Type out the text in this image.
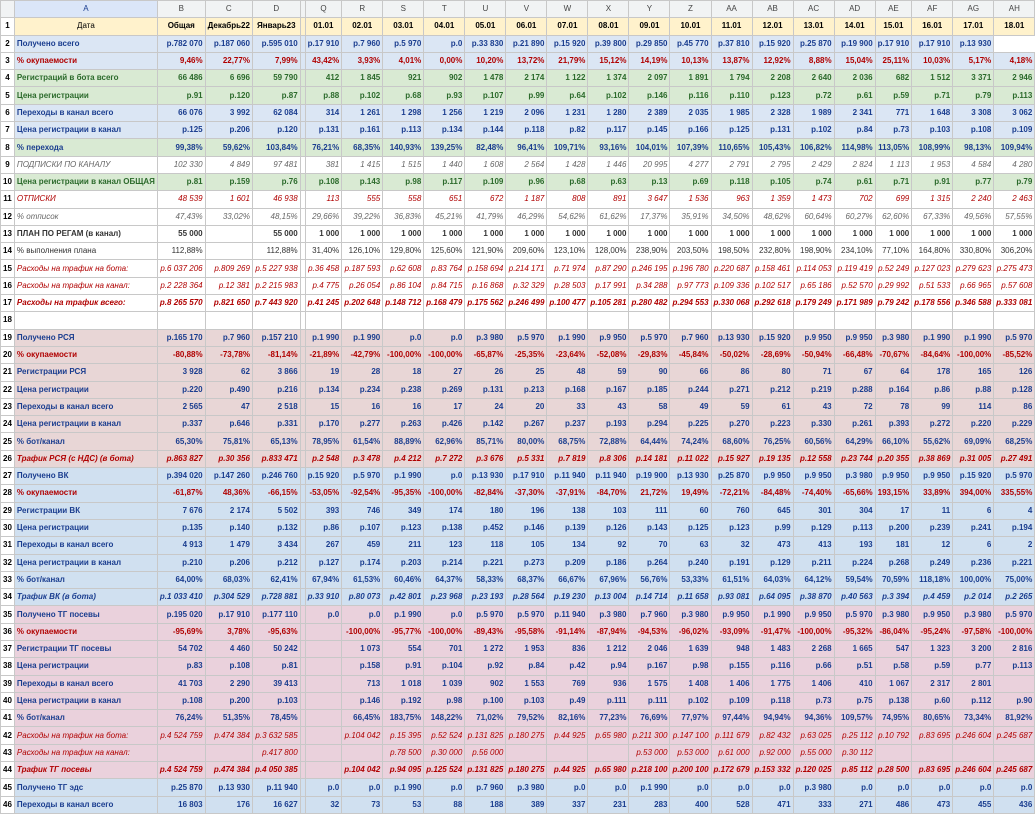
	A	B	C	D		Q	R	S	T	U	V	W	X	Y	Z	AA	AB	AC	AD	AE	AF	AG	AH
1	Дата	Общая	Декабрь22	Январь23		01.01	02.01	03.01	04.01	05.01	06.01	07.01	08.01	09.01	10.01	11.01	12.01	13.01	14.01	15.01	16.01	17.01	18.01
2	Получено всего	р.782 070	р.187 060	р.595 010		р.17 910	р.7 960	р.5 970	р.0	р.33 830	р.21 890	р.15 920	р.39 800	р.29 850	р.45 770	р.37 810	р.15 920	р.25 870	р.19 900	р.17 910	р.17 910	р.13 930	
3	% окупаемости	9,46%	22,77%	7,99%		43,42%	3,93%	4,01%	0,00%	10,20%	13,72%	21,79%	15,12%	14,19%	10,13%	13,87%	12,92%	8,88%	15,04%	25,11%	10,03%	5,17%	4,18%
4	Регистраций в бота всего	66 486	6 696	59 790		412	1 845	921	902	1 478	2 174	1 122	1 374	2 097	1 891	1 794	2 208	2 640	2 036	682	1 512	3 371	2 946
5	Цена регистрации	р.91	р.120	р.87		р.88	р.102	р.68	р.93	р.107	р.99	р.64	р.102	р.146	р.116	р.110	р.123	р.72	р.61	р.59	р.71	р.79	р.113
6	Переходы в канал всего	66 076	3 992	62 084		314	1 261	1 298	1 256	1 219	2 096	1 231	1 280	2 389	2 035	1 985	2 328	1 989	2 341	771	1 648	3 308	3 062
7	Цена регистрации в канал	р.125	р.206	р.120		р.131	р.161	р.113	р.134	р.144	р.118	р.82	р.117	р.145	р.166	р.125	р.131	р.102	р.84	р.73	р.103	р.108	р.109
8	% перехода	99,38%	59,62%	103,84%		76,21%	68,35%	140,93%	139,25%	82,48%	96,41%	109,71%	93,16%	104,01%	107,39%	110,65%	105,43%	106,82%	114,98%	113,05%	108,99%	98,13%	109,94%
9	ПОДПИСКИ ПО КАНАЛУ	102 330	4 849	97 481		381	1 415	1 515	1 440	1 608	2 564	1 428	1 446	20 995	4 277	2 791	2 795	2 429	2 824	1 113	1 953	4 584	4 280
10	Цена регистрации в канал ОБЩАЯ	р.81	р.159	р.76		р.108	р.143	р.98	р.117	р.109	р.96	р.68	р.63	р.13	р.69	р.118	р.105	р.74	р.61	р.71	р.91	р.77	р.79
11	ОТПИСКИ	48 539	1 601	46 938		113	555	558	651	672	1 187	808	891	3 647	1 536	963	1 359	1 473	702	699	1 315	2 240	2 463
12	% отписок	47,43%	33,02%	48,15%		29,66%	39,22%	36,83%	45,21%	41,79%	46,29%	54,62%	61,62%	17,37%	35,91%	34,50%	48,62%	60,64%	60,27%	62,60%	67,33%	49,56%	57,55%
13	ПЛАН ПО РЕГАМ (в канал)	55 000		55 000		1 000	1 000	1 000	1 000	1 000	1 000	1 000	1 000	1 000	1 000	1 000	1 000	1 000	1 000	1 000	1 000	1 000	1 000
14	% выполнения плана	112,88%		112,88%		31,40%	126,10%	129,80%	125,60%	121,90%	209,60%	123,10%	128,00%	238,90%	203,50%	198,50%	232,80%	198,90%	234,10%	77,10%	164,80%	330,80%	306,20%
15	Расходы на трафик на бота:	р.6 037 206	р.809 269	р.5 227 938		р.36 458	р.187 593	р.62 608	р.83 764	р.158 694	р.214 171	р.71 974	р.87 290	р.246 195	р.196 780	р.220 687	р.158 461	р.114 053	р.119 419	р.52 249	р.127 023	р.279 623	р.275 473
16	Расходы на трафик на канал:	р.2 228 364	р.12 381	р.2 215 983		р.4 775	р.26 054	р.86 104	р.84 715	р.16 868	р.32 329	р.28 503	р.17 991	р.34 288	р.97 773	р.109 336	р.102 517	р.65 186	р.52 570	р.29 992	р.51 533	р.66 965	р.57 608
17	Расходы на трафик всего:	р.8 265 570	р.821 650	р.7 443 920		р.41 245	р.202 648	р.148 712	р.168 479	р.175 562	р.246 499	р.100 477	р.105 281	р.280 482	р.294 553	р.330 068	р.292 618	р.179 249	р.171 989	р.79 242	р.178 556	р.346 588	р.333 081
18																							
19	Получено РСЯ	р.165 170	р.7 960	р.157 210		р.1 990	р.1 990	р.0	р.0	р.3 980	р.5 970	р.1 990	р.9 950	р.5 970	р.7 960	р.13 930	р.15 920	р.9 950	р.9 950	р.3 980	р.1 990	р.1 990	р.5 970
20	% окупаемости	-80,88%	-73,78%	-81,14%		-21,89%	-42,79%	-100,00%	-100,00%	-65,87%	-25,35%	-23,64%	-52,08%	-29,83%	-45,84%	-50,02%	-28,69%	-50,94%	-66,48%	-70,67%	-84,64%	-100,00%	-85,52%
21	Регистрации РСЯ	3 928	62	3 866		19	28	18	27	26	25	48	59	90	66	86	80	71	67	64	178	165	126
22	Цена регистрации	р.220	р.490	р.216		р.134	р.234	р.238	р.269	р.131	р.213	р.168	р.167	р.185	р.244	р.271	р.212	р.219	р.288	р.164	р.86	р.88	р.128
23	Переходы в канал всего	2 565	47	2 518		15	16	16	17	24	20	33	43	58	49	59	61	43	72	78	99	114	86
24	Цена регистрации в канал	р.337	р.646	р.331		р.170	р.277	р.263	р.426	р.142	р.267	р.237	р.193	р.294	р.225	р.270	р.223	р.330	р.261	р.393	р.272	р.220	р.229
25	% бот/канал	65,30%	75,81%	65,13%		78,95%	61,54%	88,89%	62,96%	85,71%	80,00%	68,75%	72,88%	64,44%	74,24%	68,60%	76,25%	60,56%	64,29%	66,10%	55,62%	69,09%	68,25%
26	Трафик РСЯ (с НДС) (в бота)	р.863 827	р.30 356	р.833 471		р.2 548	р.3 478	р.4 212	р.7 272	р.3 676	р.5 331	р.7 819	р.8 306	р.14 181	р.11 022	р.15 927	р.19 135	р.12 558	р.23 744	р.20 355	р.38 869	р.31 005	р.27 491
27	Получено ВК	р.394 020	р.147 260	р.246 760		р.15 920	р.5 970	р.1 990	р.0	р.13 930	р.17 910	р.11 940	р.11 940	р.19 900	р.13 930	р.25 870	р.9 950	р.9 950	р.3 980	р.9 950	р.9 950	р.15 920	р.5 970
28	% окупаемости	-61,87%	48,36%	-66,15%		-53,05%	-92,54%	-95,35%	-100,00%	-82,84%	-37,30%	-37,91%	-84,70%	21,72%	19,49%	-72,21%	-84,48%	-74,40%	-65,66%	193,15%	33,89%	394,00%	335,55%
29	Регистрации ВК	7 676	2 174	5 502		393	746	349	174	180	196	138	103	111	60	760	645	301	304	17	11	6	4
30	Цена регистрации	р.135	р.140	р.132		р.86	р.107	р.123	р.138	р.452	р.146	р.139	р.126	р.143	р.125	р.123	р.99	р.129	р.113	р.200	р.239	р.241	р.194
31	Переходы в канал всего	4 913	1 479	3 434		267	459	211	123	118	105	134	92	70	63	32	473	413	193	181	12	6	2
32	Цена регистрации в канал	р.210	р.206	р.212		р.127	р.174	р.203	р.214	р.221	р.273	р.209	р.186	р.264	р.240	р.191	р.129	р.211	р.224	р.268	р.249	р.236	р.221
33	% бот/канал	64,00%	68,03%	62,41%		67,94%	61,53%	60,46%	64,37%	58,33%	68,37%	66,67%	67,96%	56,76%	53,33%	61,51%	64,03%	64,12%	59,54%	70,59%	118,18%	100,00%	75,00%
34	Трафик ВК (в бота)	р.1 033 410	р.304 529	р.728 881		р.33 910	р.80 073	р.42 801	р.23 968	р.23 193	р.28 564	р.19 230	р.13 004	р.14 714	р.11 658	р.93 081	р.64 095	р.38 870	р.40 563	р.3 394	р.4 459	р.2 014	р.2 265
35	Получено ТГ посевы	р.195 020	р.17 910	р.177 110		р.0	р.0	р.1 990	р.0	р.5 970	р.5 970	р.11 940	р.3 980	р.7 960	р.3 980	р.9 950	р.1 990	р.9 950	р.5 970	р.3 980	р.9 950	р.3 980	р.5 970
36	% окупаемости	-95,69%	3,78%	-95,63%			-100,00%	-95,77%	-100,00%	-89,43%	-95,58%	-91,14%	-87,94%	-94,53%	-96,02%	-93,09%	-91,47%	-100,00%	-95,32%	-86,04%	-95,24%	-97,58%	-100,00%
37	Регистрации ТГ посевы	54 702	4 460	50 242			1 073	554	701	1 272	1 953	836	1 212	2 046	1 639	948	1 483	2 268	1 665	547	1 323	3 200	2 816
38	Цена регистрации	р.83	р.108	р.81			р.158	р.91	р.104	р.92	р.84	р.42	р.94	р.167	р.98	р.155	р.116	р.66	р.51	р.58	р.59	р.77	р.113
39	Переходы в канал всего	41 703	2 290	39 413			713	1 018	1 039	902	1 553	769	936	1 575	1 408	1 406	1 775	1 406	410	1 067	2 317	2 801	
40	Цена регистрации в канал	р.108	р.200	р.103			р.146	р.192	р.98	р.100	р.103	р.49	р.111	р.111	р.102	р.109	р.118	р.73	р.75	р.138	р.60	р.112	р.90
41	% бот/канал	76,24%	51,35%	78,45%			66,45%	183,75%	148,22%	71,02%	79,52%	82,16%	77,23%	76,69%	77,97%	97,44%	94,94%	94,36%	109,57%	74,95%	80,65%	73,34%	81,92%
42	Расходы на трафик на бота:	р.4 524 759	р.474 384	р.3 632 585			р.104 042	р.15 395	р.52 524	р.131 825	р.180 275	р.44 925	р.65 980	р.211 300	р.147 100	р.111 679	р.82 432	р.63 025	р.25 112	р.10 792	р.83 695	р.246 604	р.245 687
43	Расходы на трафик на канал:			р.417 800				р.78 500	р.30 000	р.56 000				р.53 000	р.53 000	р.61 000	р.92 000	р.55 000	р.30 112				
44	Трафик ТГ посевы	р.4 524 759	р.474 384	р.4 050 385			р.104 042	р.94 095	р.125 524	р.131 825	р.180 275	р.44 925	р.65 980	р.218 100	р.200 100	р.172 679	р.153 332	р.120 025	р.85 112	р.28 500	р.83 695	р.246 604	р.245 687
45	Получено ТГ эдс	р.25 870	р.13 930	р.11 940		р.0	р.0	р.1 990	р.0	р.7 960	р.3 980	р.0	р.0	р.1 990	р.0	р.0	р.0	р.3 980	р.0	р.0	р.0	р.0	р.0
46	Переходы в канал всего	16 803	176	16 627		32	73	53	88	188	389	337	231	283	400	528	471	333	271	486	473	455	436
